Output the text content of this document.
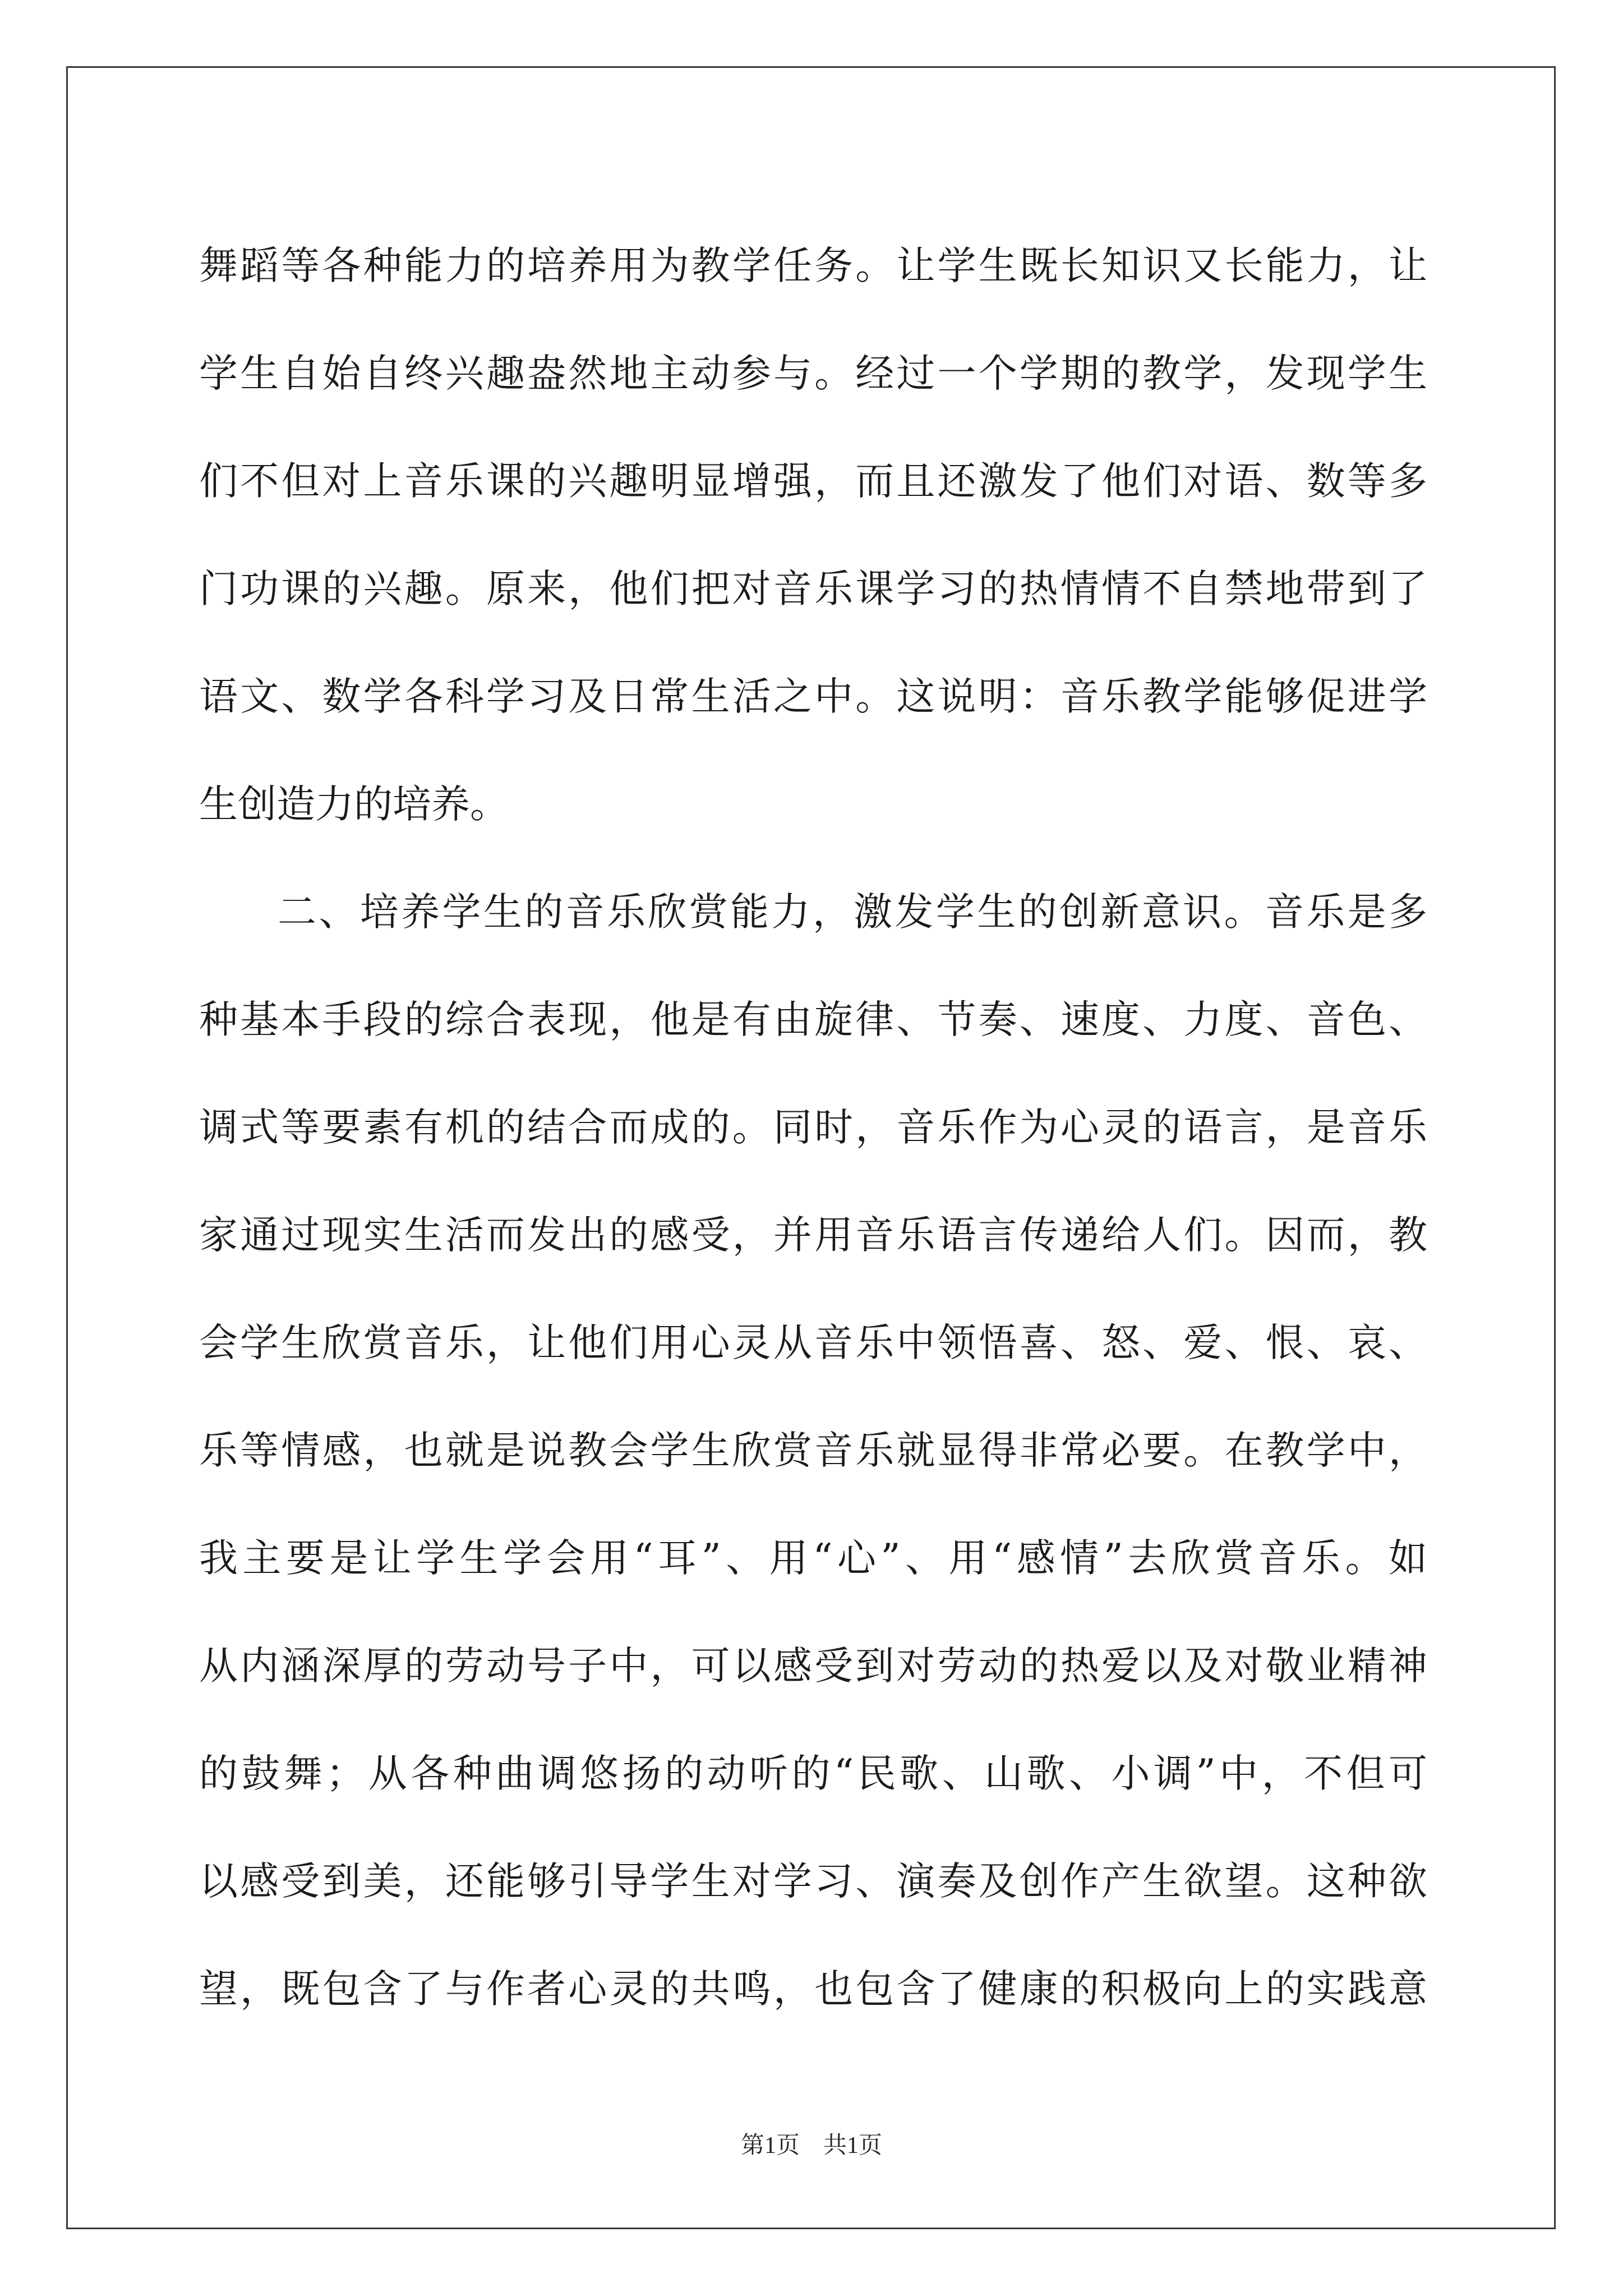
舞蹈等各种能力的培养用为教学任务。让学生既长知识又长能力，让
学生自始自终兴趣盎然地主动参与。经过一个学期的教学，发现学生
们不但对上音乐课的兴趣明显增强，而且还激发了他们对语、数等多
门功课的兴趣。原来，他们把对音乐课学习的热情情不自禁地带到了
语文、数学各科学习及日常生活之中。这说明：音乐教学能够促进学
生创造力的培养。
二、培养学生的音乐欣赏能力，激发学生的创新意识。音乐是多
种基本手段的综合表现，他是有由旋律、节奏、速度、力度、音色、
调式等要素有机的结合而成的。同时，音乐作为心灵的语言，是音乐
家通过现实生活而发出的感受，并用音乐语言传递给人们。因而，教
会学生欣赏音乐，让他们用心灵从音乐中领悟喜、怒、爱、恨、哀、
乐等情感，也就是说教会学生欣赏音乐就显得非常必要。在教学中，
我主要是让学生学会用“耳”、用“心”、用“感情”去欣赏音乐。如
从内涵深厚的劳动号子中，可以感受到对劳动的热爱以及对敬业精神
的鼓舞；从各种曲调悠扬的动听的“民歌、山歌、小调”中，不但可
以感受到美，还能够引导学生对学习、演奏及创作产生欲望。这种欲
望，既包含了与作者心灵的共鸣，也包含了健康的积极向上的实践意
第1页　共1页
